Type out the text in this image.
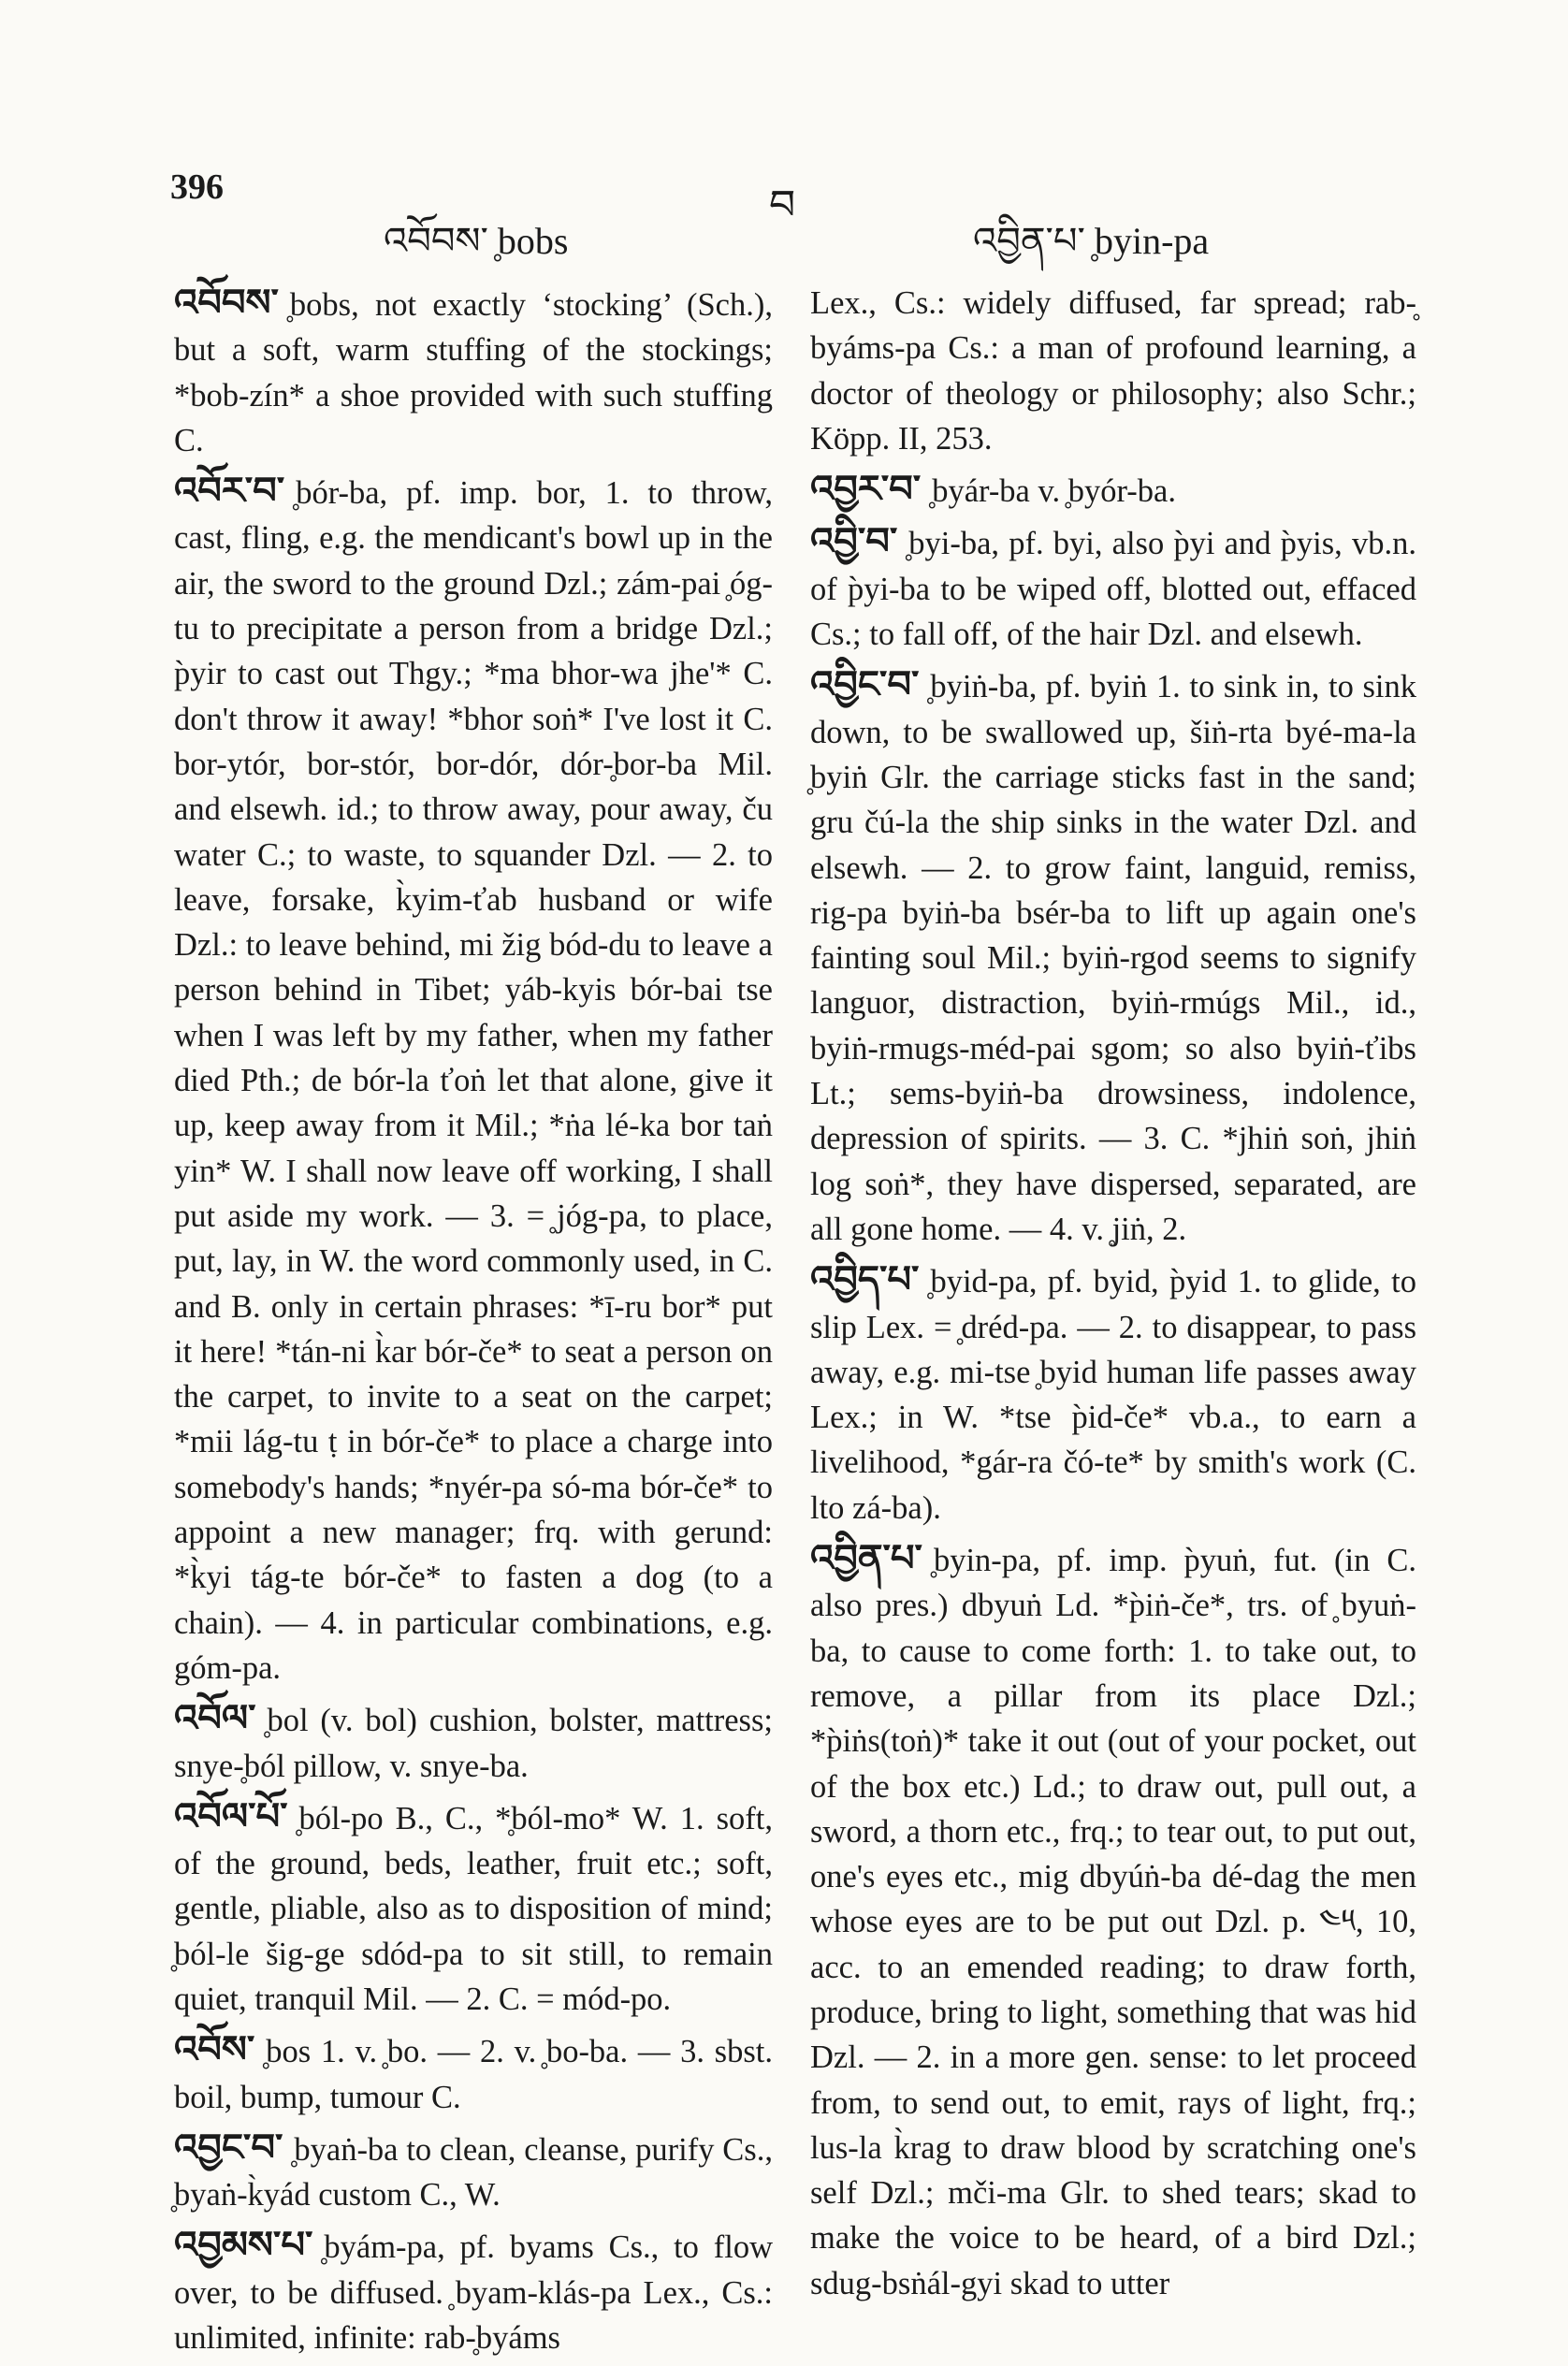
396
འབོབས་ ̥bobs
བ
འབྱིན་པ་ ̥byin-pa

འབོབས་ ̥bobs, not exactly ‘stocking’ (Sch.), but a soft, warm stuffing of the stockings; *bob-zín* a shoe provided with such stuffing C.

འབོར་བ་ ̥bór-ba, pf. imp. bor, 1. to throw, cast, fling, e.g. the mendicant's bowl up in the air, the sword to the ground Dzl.; zám-pai ̥óg-tu to precipitate a person from a bridge Dzl.; p̀yir to cast out Thgy.; *ma bhor-wa jhe'* C. don't throw it away! *bhor soṅ* I've lost it C. bor-ytór, bor-stór, bor-dór, dór-̥bor-ba Mil. and elsewh. id.; to throw away, pour away, ču water C.; to waste, to squander Dzl. — 2. to leave, forsake, k̀yim-ťab husband or wife Dzl.: to leave behind, mi žig bód-du to leave a person behind in Tibet; yáb-kyis bór-bai tse when I was left by my father, when my father died Pth.; de bór-la ťoṅ let that alone, give it up, keep away from it Mil.; *ṅa lé-ka bor taṅ yin* W. I shall now leave off working, I shall put aside my work. — 3. = ̥jóg-pa, to place, put, lay, in W. the word commonly used, in C. and B. only in certain phrases: *ī-ru bor* put it here! *tán-ni k̀ar bór-če* to seat a person on the carpet, to invite to a seat on the carpet; *mii lág-tu ṭ in bór-če* to place a charge into somebody's hands; *nyér-pa só-ma bór-če* to appoint a new manager; frq. with gerund: *k̀yi tág-te bór-če* to fasten a dog (to a chain). — 4. in particular combinations, e.g. góm-pa.

འབོལ་ ̥bol (v. bol) cushion, bolster, mattress; snye-̥ból pillow, v. snye-ba.

འབོལ་པོ་ ̥ból-po B., C., *̥ból-mo* W. 1. soft, of the ground, beds, leather, fruit etc.; soft, gentle, pliable, also as to disposition of mind; ̥ból-le šig-ge sdód-pa to sit still, to remain quiet, tranquil Mil. — 2. C. = mód-po.

འབོས་ ̥bos 1. v. ̥bo. — 2. v. ̥bo-ba. — 3. sbst. boil, bump, tumour C.

འབྱང་བ་ ̥byaṅ-ba to clean, cleanse, purify Cs., ̥byaṅ-k̀yád custom C., W.

འབྱམས་པ་ ̥byám-pa, pf. byams Cs., to flow over, to be diffused. ̥byam-klás-pa Lex., Cs.: unlimited, infinite: rab-̥byáms

Lex., Cs.: widely diffused, far spread; rab-̥byáms-pa Cs.: a man of profound learning, a doctor of theology or philosophy; also Schr.; Köpp. II, 253.

འབྱར་བ་ ̥byár-ba v. ̥byór-ba.

འབྱི་བ་ ̥byi-ba, pf. byi, also p̀yi and p̀yis, vb.n. of p̀yi-ba to be wiped off, blotted out, effaced Cs.; to fall off, of the hair Dzl. and elsewh.

འབྱིང་བ་ ̥byiṅ-ba, pf. byiṅ 1. to sink in, to sink down, to be swallowed up, šiṅ-rta byé-ma-la ̥byiṅ Glr. the carriage sticks fast in the sand; gru čú-la the ship sinks in the water Dzl. and elsewh. — 2. to grow faint, languid, remiss, rig-pa byiṅ-ba bsér-ba to lift up again one's fainting soul Mil.; byiṅ-rgod seems to signify languor, distraction, byiṅ-rmúgs Mil., id., byiṅ-rmugs-méd-pai sgom; so also byiṅ-ťibs Lt.; sems-byiṅ-ba drowsiness, indolence, depression of spirits. — 3. C. *jhiṅ soṅ, jhiṅ log soṅ*, they have dispersed, separated, are all gone home. — 4. v. ̥jiṅ, 2.

འབྱིད་པ་ ̥byid-pa, pf. byid, p̀yid 1. to glide, to slip Lex. = ̥dréd-pa. — 2. to disappear, to pass away, e.g. mi-tse ̥byid human life passes away Lex.; in W. *tse p̀id-če* vb.a., to earn a livelihood, *gár-ra čó-te* by smith's work (C. lto zá-ba).

འབྱིན་པ་ ̥byin-pa, pf. imp. p̀yuṅ, fut. (in C. also pres.) dbyuṅ Ld. *p̀iṅ-če*, trs. of ̥byuṅ-ba, to cause to come forth: 1. to take out, to remove, a pillar from its place Dzl.; *p̀iṅs(toṅ)* take it out (out of your pocket, out of the box etc.) Ld.; to draw out, pull out, a sword, a thorn etc., frq.; to tear out, to put out, one's eyes etc., mig dbyúṅ-ba dé-dag the men whose eyes are to be put out Dzl. p. ༤༥, 10, acc. to an emended reading; to draw forth, produce, bring to light, something that was hid Dzl. — 2. in a more gen. sense: to let proceed from, to send out, to emit, rays of light, frq.; lus-la k̀rag to draw blood by scratching one's self Dzl.; mči-ma Glr. to shed tears; skad to make the voice to be heard, of a bird Dzl.; sdug-bsṅál-gyi skad to utter
